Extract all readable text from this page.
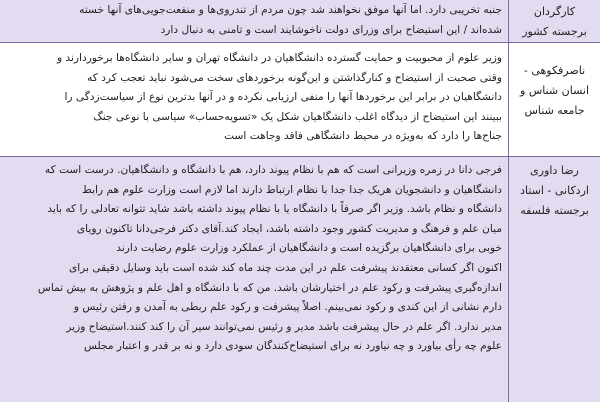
کارگردان
برجسته کشور

جنبه تخریبی دارد. اما آنها موفق نخواهند شد چون مردم از تندروی‌ها و منفعت‌جویی‌های آنها خسته

شده‌اند / این استیضاح برای وزرای دولت ناخوشایند است و تامنی به دنبال دارد

ناصرفکوهی -
انسان شناس و
جامعه شناس

وزیر علوم از محبوبیت و حمایت گسترده دانشگاهیان در دانشگاه تهران و سایر دانشگاه‌ها برخوردارند و

وقتی صحبت از استیضاح و کنارگذاشتن و این‌گونه برخوردهای سخت می‌شود نباید تعجب کرد که

دانشگاهیان در برابر این برخوردها آنها را منفی ارزیابی نکرده و در آنها بدترین نوع از سیاست‌زدگی را

ببینند این استیضاح از دیدگاه اغلب دانشگاهیان شکل یک «تسویه‌حساب» سیاسی با نوعی جنگ

جناح‌ها را دارد که به‌ویژه در محیط دانشگاهی فاقد وجاهت است

رضا داوری
اردکانی - استاد
برجسته فلسفه

فرجی دانا در زمره وزیرانی است که هم با نظام پیوند دارد، هم با دانشگاه و دانشگاهیان. درست است که

دانشگاهیان و دانشجویان هریک جدا جدا با نظام ارتباط دارند اما لازم است وزارت علوم هم رابط

دانشگاه و نظام باشد. وزیر اگر صرفاً با دانشگاه یا با نظام پیوند داشته باشد شاید تتوانه تعادلی را که باید

میان علم و فرهنگ و مدیریت کشور وجود داشته باشد، ایجاد کند.آقای دکتر فرجی‌دانا تاکنون رویای

خوبی برای دانشگاهیان برگزیده است و دانشگاهیان از عملکرد وزارت علوم رضایت دارند

اکنون اگر کسانی معتقدند پیشرفت علم در این مدت چند ماه کند شده است باید وسایل دقیقی برای

اندازه‌گیری پیشرفت و رکود علم در اختیارشان باشد. من که با دانشگاه و اهل علم و پژوهش به بیش تماس

دارم نشانی از این کندی و رکود نمی‌بینم. اصلاً پیشرفت و رکود علم ربطی به آمدن و رفتن رئیس و

مدیر ندارد. اگر علم در حال پیشرفت باشد مدیر و رئیس نمی‌توانند سیر آن را کند کنند.استیضاح وزیر

علوم چه رأی بیاورد و چه نیاورد نه برای استیضاح‌کنندگان سودی دارد و نه بر قدر و اعتبار مجلس
